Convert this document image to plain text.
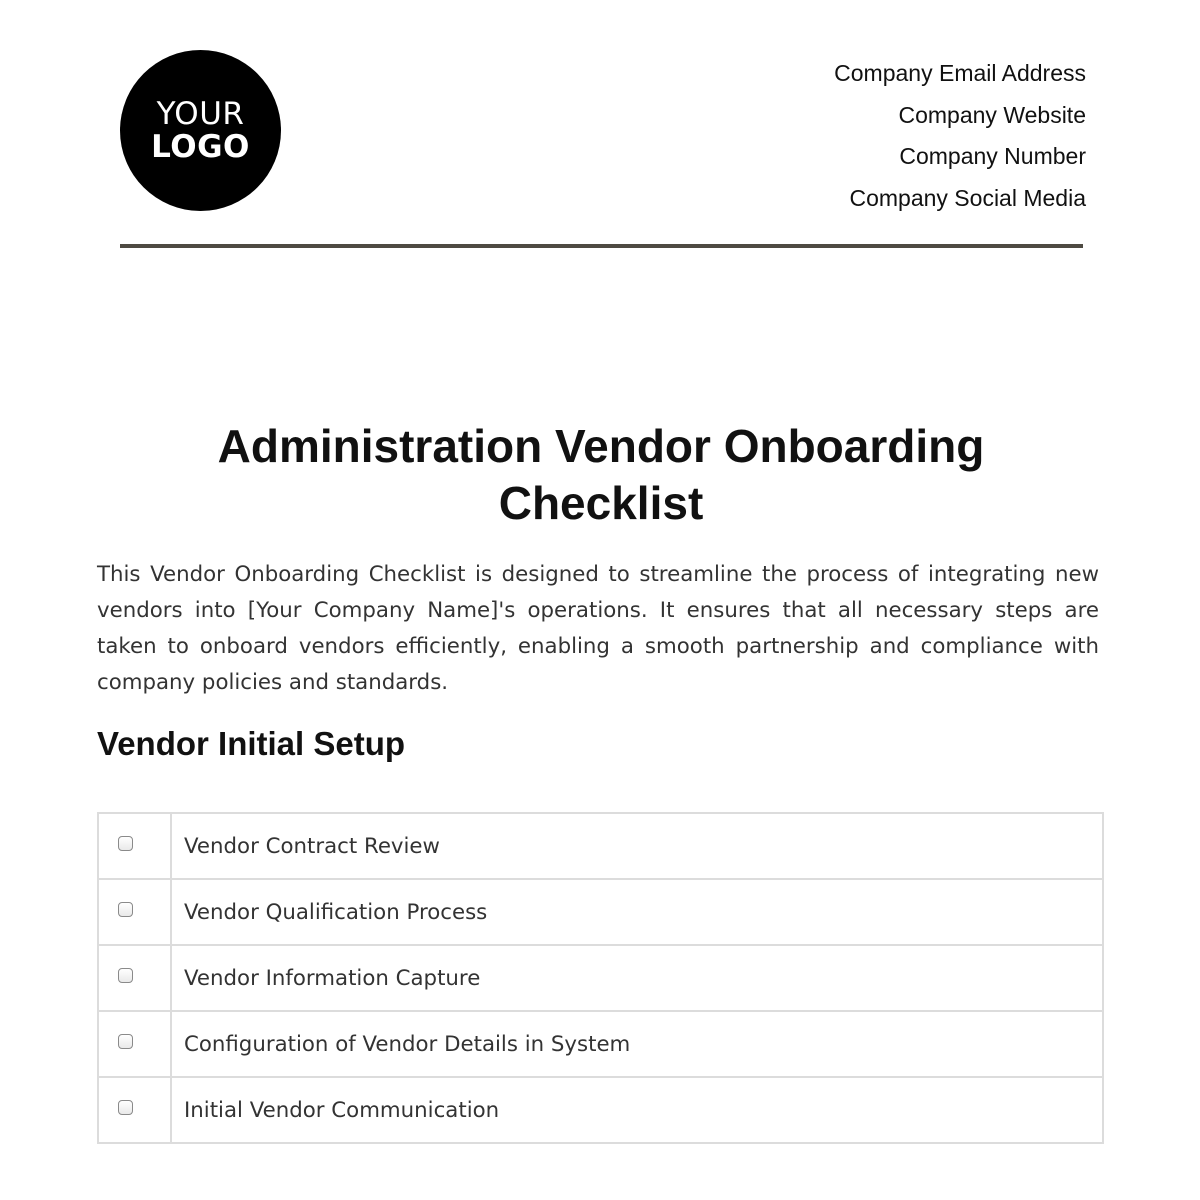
YOUR
LOGO
Company Email Address
Company Website
Company Number
Company Social Media
Administration Vendor Onboarding Checklist

This Vendor Onboarding Checklist is designed to streamline the process of integrating new vendors into [Your Company Name]'s operations. It ensures that all necessary steps are taken to onboard vendors efficiently, enabling a smooth partnership and compliance with company policies and standards.

Vendor Initial Setup
	Vendor Contract Review
	Vendor Qualification Process
	Vendor Information Capture
	Configuration of Vendor Details in System
	Initial Vendor Communication
